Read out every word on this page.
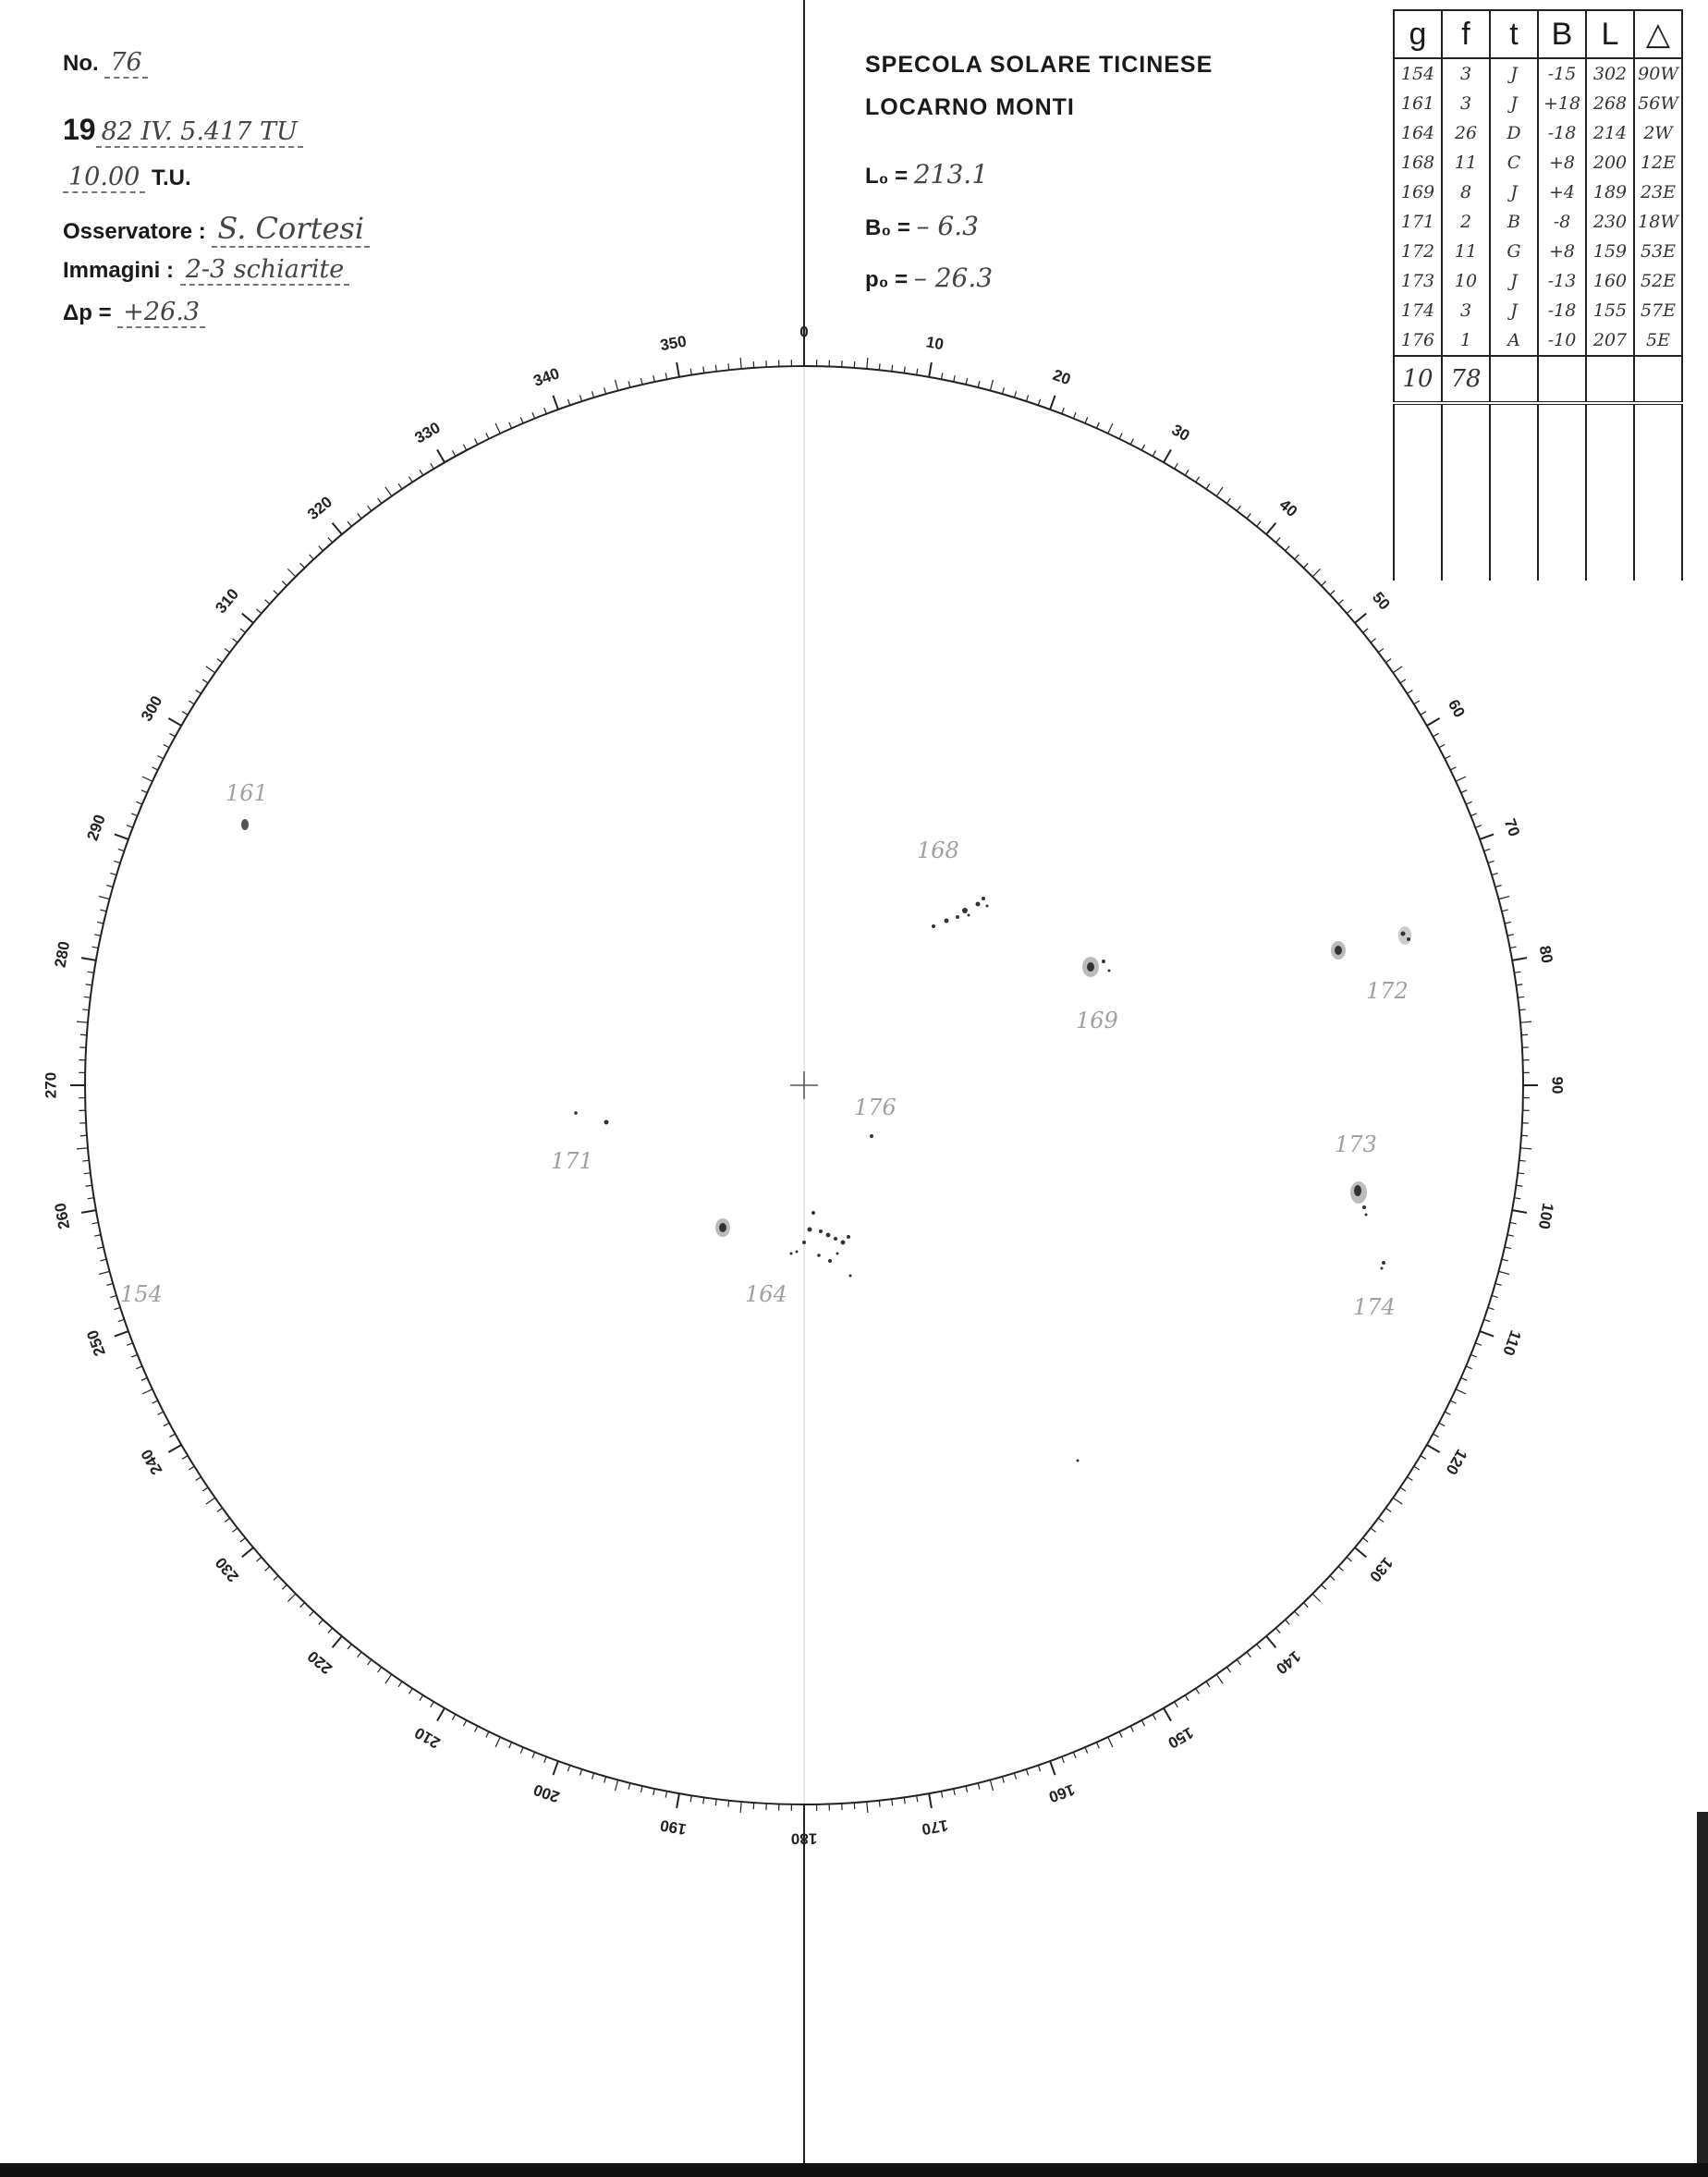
No. 76
19 82 IV. 5.417 TU
10.00 T.U.
Osservatore : S. Cortesi
Immagini : 2-3 schiarite
Δp = +26.3
SPECOLA SOLARE TICINESE
LOCARNO MONTI
L₀ = 213.1
B₀ = – 6.3
p₀ = – 26.3
g	f	t	B	L	△
154	3	J	-15	302	90W
161	3	J	+18	268	56W
164	26	D	-18	214	2W
168	11	C	+8	200	12E
169	8	J	+4	189	23E
171	2	B	-8	230	18W
172	11	G	+8	159	53E
173	10	J	-13	160	52E
174	3	J	-18	155	57E
176	1	A	-10	207	5E
10	78				

0
10
20
30
40
50
60
70
80
90
100
110
120
130
140
150
160
170
180
190
200
210
220
230
240
250
260
270
280
290
300
310
320
330
340
350
161
168
172
169
176
171
173
164	174
154
